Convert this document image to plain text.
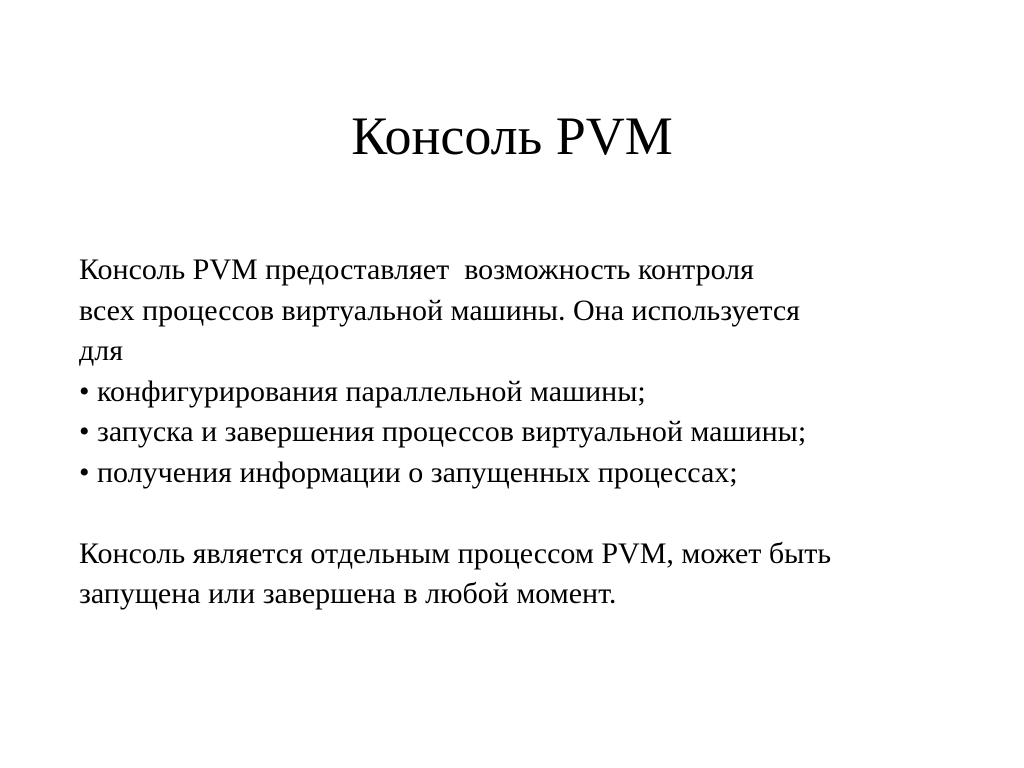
Консоль PVM
Консоль PVM предоставляет  возможность контроля
всех процессов виртуальной машины. Она используется
для
• конфигурирования параллельной машины;
• запуска и завершения процессов виртуальной машины;
• получения информации о запущенных процессах;
Консоль является отдельным процессом PVM, может быть
запущена или завершена в любой момент.
